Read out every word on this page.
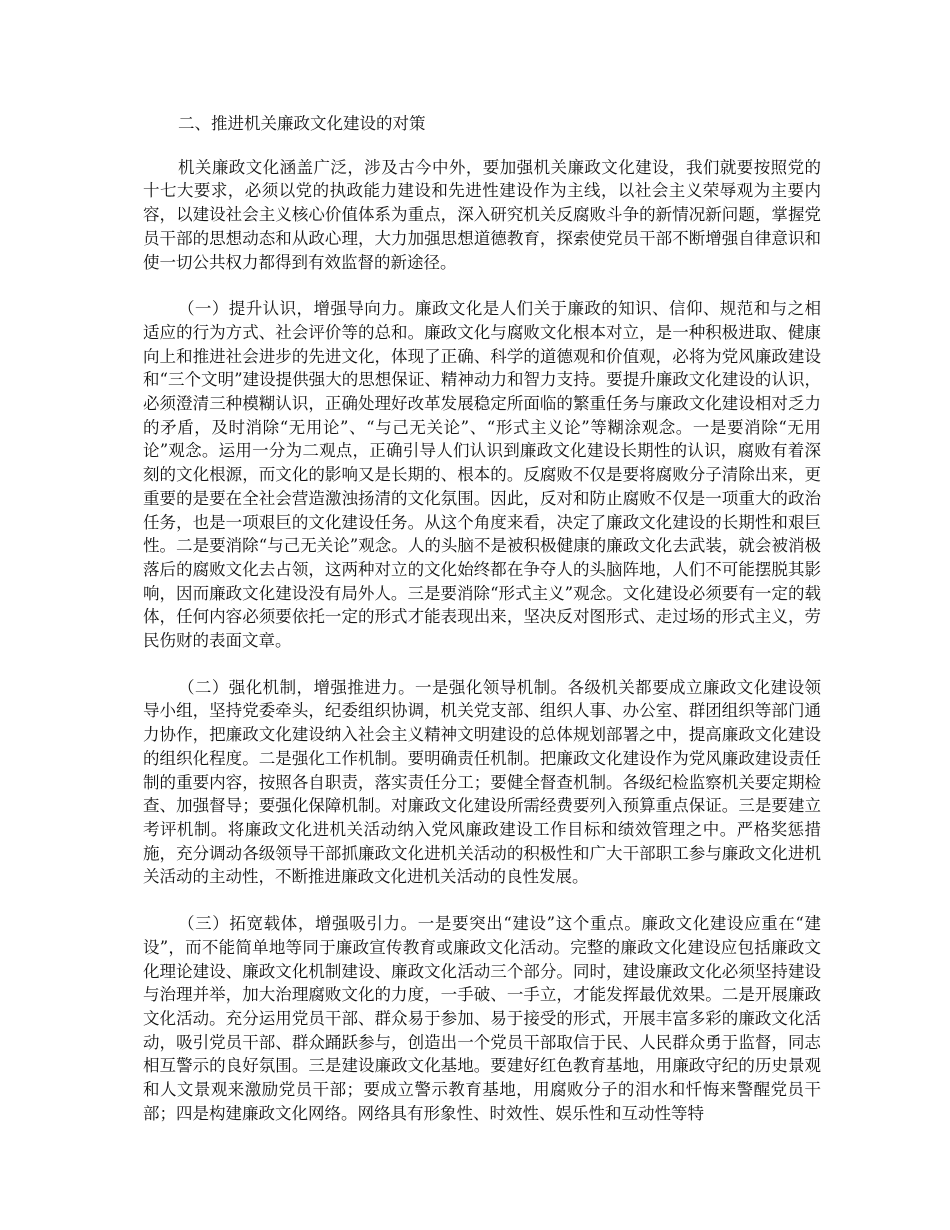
二、推进机关廉政文化建设的对策

机关廉政文化涵盖广泛，涉及古今中外，要加强机关廉政文化建设，我们就要按照党的十七大要求，必须以党的执政能力建设和先进性建设作为主线，以社会主义荣辱观为主要内容，以建设社会主义核心价值体系为重点，深入研究机关反腐败斗争的新情况新问题，掌握党员干部的思想动态和从政心理，大力加强思想道德教育，探索使党员干部不断增强自律意识和使一切公共权力都得到有效监督的新途径。

（一）提升认识，增强导向力。廉政文化是人们关于廉政的知识、信仰、规范和与之相适应的行为方式、社会评价等的总和。廉政文化与腐败文化根本对立，是一种积极进取、健康向上和推进社会进步的先进文化，体现了正确、科学的道德观和价值观，必将为党风廉政建设和“三个文明”建设提供强大的思想保证、精神动力和智力支持。要提升廉政文化建设的认识，必须澄清三种模糊认识，正确处理好改革发展稳定所面临的繁重任务与廉政文化建设相对乏力的矛盾，及时消除“无用论”、“与己无关论”、“形式主义论”等糊涂观念。一是要消除“无用论”观念。运用一分为二观点，正确引导人们认识到廉政文化建设长期性的认识，腐败有着深刻的文化根源，而文化的影响又是长期的、根本的。反腐败不仅是要将腐败分子清除出来，更重要的是要在全社会营造激浊扬清的文化氛围。因此，反对和防止腐败不仅是一项重大的政治任务，也是一项艰巨的文化建设任务。从这个角度来看，决定了廉政文化建设的长期性和艰巨性。二是要消除“与己无关论”观念。人的头脑不是被积极健康的廉政文化去武装，就会被消极落后的腐败文化去占领，这两种对立的文化始终都在争夺人的头脑阵地，人们不可能摆脱其影响，因而廉政文化建设没有局外人。三是要消除“形式主义”观念。文化建设必须要有一定的载体，任何内容必须要依托一定的形式才能表现出来，坚决反对图形式、走过场的形式主义，劳民伤财的表面文章。

（二）强化机制，增强推进力。一是强化领导机制。各级机关都要成立廉政文化建设领导小组，坚持党委牵头，纪委组织协调，机关党支部、组织人事、办公室、群团组织等部门通力协作，把廉政文化建设纳入社会主义精神文明建设的总体规划部署之中，提高廉政文化建设的组织化程度。二是强化工作机制。要明确责任机制。把廉政文化建设作为党风廉政建设责任制的重要内容，按照各自职责，落实责任分工；要健全督查机制。各级纪检监察机关要定期检查、加强督导；要强化保障机制。对廉政文化建设所需经费要列入预算重点保证。三是要建立考评机制。将廉政文化进机关活动纳入党风廉政建设工作目标和绩效管理之中。严格奖惩措施，充分调动各级领导干部抓廉政文化进机关活动的积极性和广大干部职工参与廉政文化进机关活动的主动性，不断推进廉政文化进机关活动的良性发展。

（三）拓宽载体，增强吸引力。一是要突出“建设”这个重点。廉政文化建设应重在“建设”，而不能简单地等同于廉政宣传教育或廉政文化活动。完整的廉政文化建设应包括廉政文化理论建设、廉政文化机制建设、廉政文化活动三个部分。同时，建设廉政文化必须坚持建设与治理并举，加大治理腐败文化的力度，一手破、一手立，才能发挥最优效果。二是开展廉政文化活动。充分运用党员干部、群众易于参加、易于接受的形式，开展丰富多彩的廉政文化活动，吸引党员干部、群众踊跃参与，创造出一个党员干部取信于民、人民群众勇于监督，同志相互警示的良好氛围。三是建设廉政文化基地。要建好红色教育基地，用廉政守纪的历史景观和人文景观来激励党员干部；要成立警示教育基地，用腐败分子的泪水和忏悔来警醒党员干部；四是构建廉政文化网络。网络具有形象性、时效性、娱乐性和互动性等特
